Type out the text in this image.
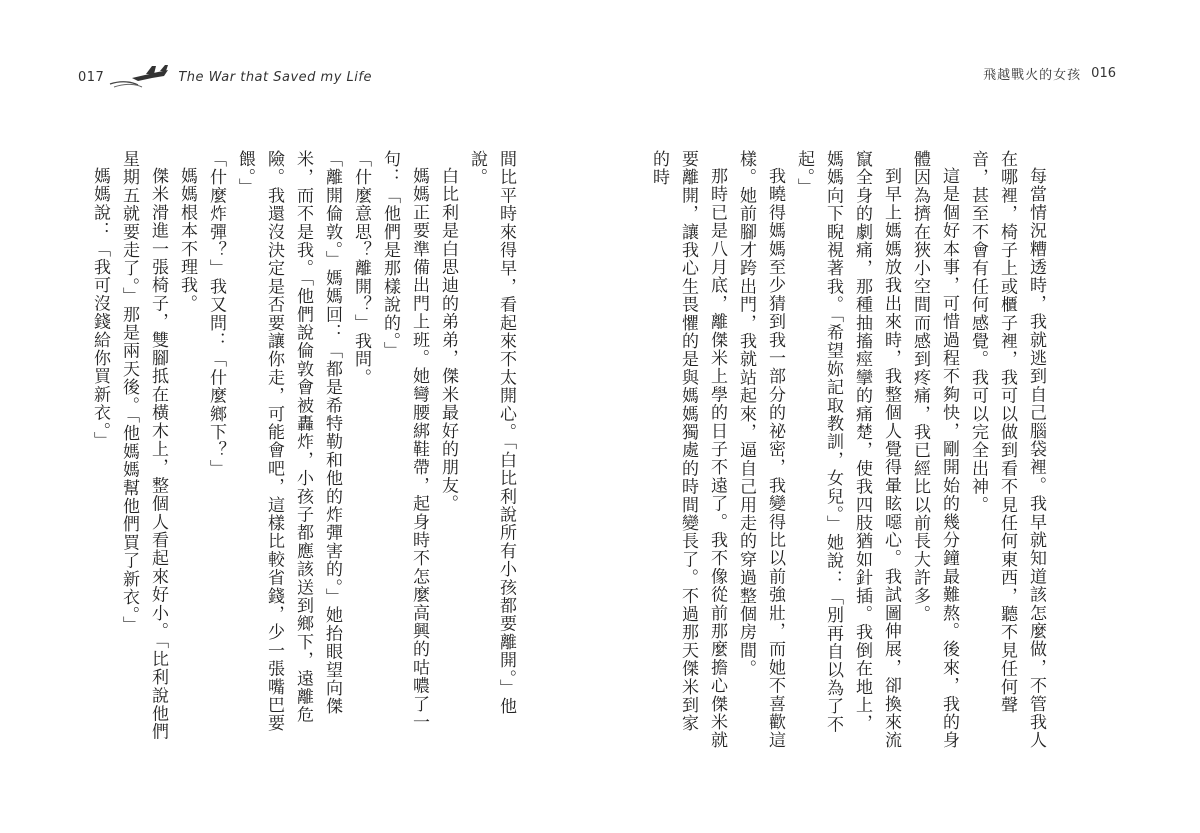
017	The War that Saved my Life	飛越戰火的女孩 016

每當情況糟透時，我就逃到自己腦袋裡。我早就知道該怎麼做，不管我人在哪裡，椅子上或櫃子裡，我可以做到看不見任何東西，聽不見任何聲音，甚至不會有任何感覺。我可以完全出神。

這是個好本事，可惜過程不夠快，剛開始的幾分鐘最難熬。後來，我的身體因為擠在狹小空間而感到疼痛，我已經比以前長大許多。

到早上媽媽放我出來時，我整個人覺得暈眩噁心。我試圖伸展，卻換來流竄全身的劇痛，那種抽搐痙攣的痛楚，使我四肢猶如針插。我倒在地上，媽媽向下睨視著我。「希望妳記取教訓，女兒。」她說：「別再自以為了不起。」

我曉得媽媽至少猜到我一部分的祕密，我變得比以前強壯，而她不喜歡這樣。她前腳才跨出門，我就站起來，逼自己用走的穿過整個房間。

那時已是八月底，離傑米上學的日子不遠了。我不像從前那麼擔心傑米就要離開，讓我心生畏懼的是與媽媽獨處的時間變長了。不過那天傑米到家的時

間比平時來得早，看起來不太開心。「白比利說所有小孩都要離開。」他說。

白比利是白思迪的弟弟，傑米最好的朋友。

媽媽正要準備出門上班。她彎腰綁鞋帶，起身時不怎麼高興的咕噥了一句：「他們是那樣說的。」

「什麼意思？離開？」我問。

「離開倫敦。」媽媽回：「都是希特勒和他的炸彈害的。」她抬眼望向傑米，而不是我。「他們說倫敦會被轟炸，小孩子都應該送到鄉下，遠離危險。我還沒決定是否要讓你走，可能會吧，這樣比較省錢，少一張嘴巴要餵。」

「什麼炸彈？」我又問：「什麼鄉下？」

媽媽根本不理我。

傑米滑進一張椅子，雙腳抵在橫木上，整個人看起來好小。「比利說他們星期五就要走了。」那是兩天後。「他媽媽幫他們買了新衣。」

媽媽說：「我可沒錢給你買新衣。」
